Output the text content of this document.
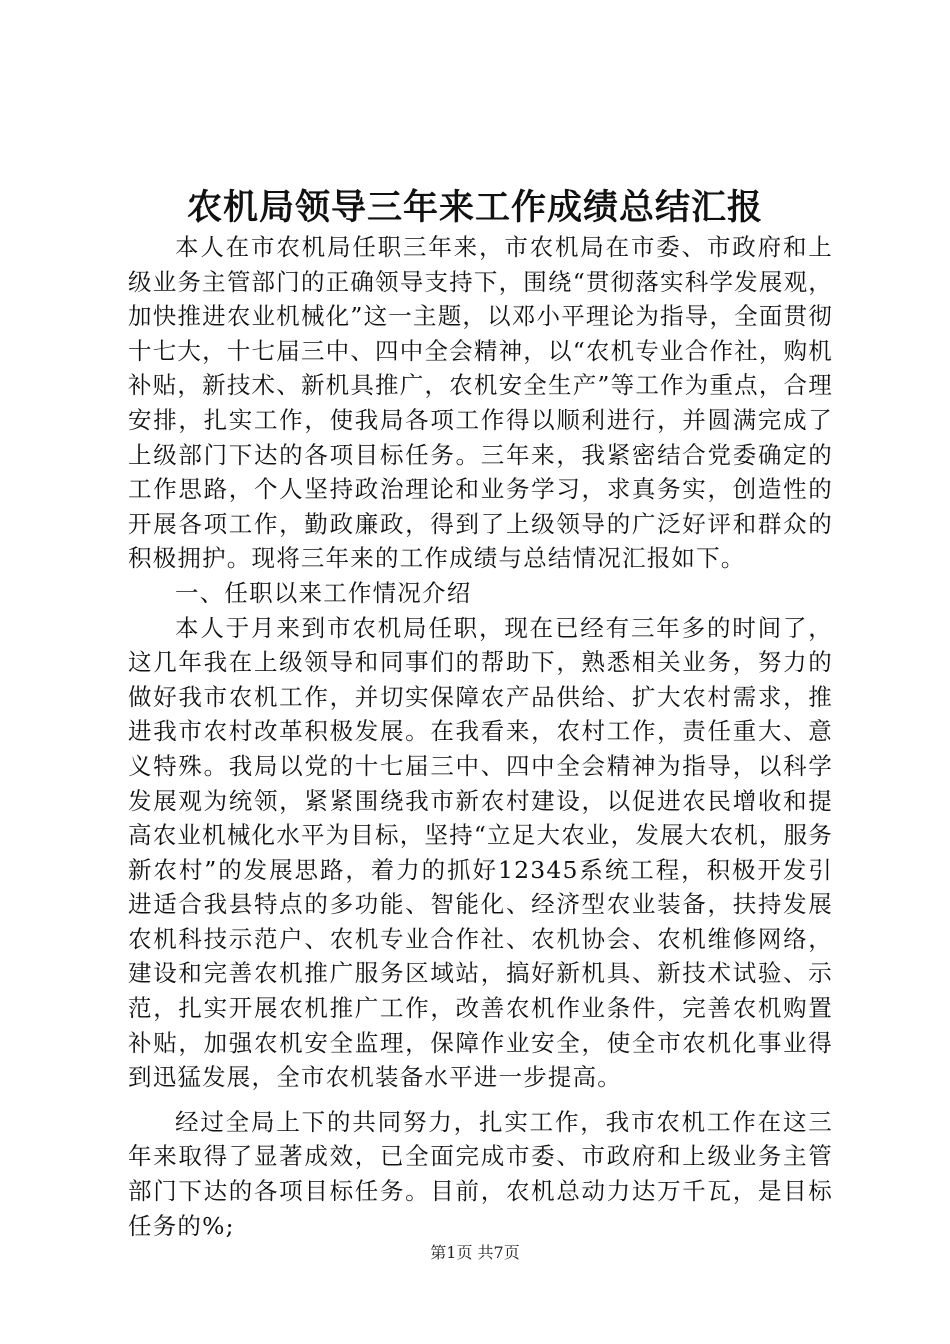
农机局领导三年来工作成绩总结汇报

本人在市农机局任职三年来，市农机局在市委、市政府和上级业务主管部门的正确领导支持下，围绕“贯彻落实科学发展观，加快推进农业机械化”这一主题，以邓小平理论为指导，全面贯彻十七大，十七届三中、四中全会精神，以“农机专业合作社，购机补贴，新技术、新机具推广，农机安全生产”等工作为重点，合理安排，扎实工作，使我局各项工作得以顺利进行，并圆满完成了上级部门下达的各项目标任务。三年来，我紧密结合党委确定的工作思路，个人坚持政治理论和业务学习，求真务实，创造性的开展各项工作，勤政廉政，得到了上级领导的广泛好评和群众的积极拥护。现将三年来的工作成绩与总结情况汇报如下。

一、任职以来工作情况介绍

本人于月来到市农机局任职，现在已经有三年多的时间了，这几年我在上级领导和同事们的帮助下，熟悉相关业务，努力的做好我市农机工作，并切实保障农产品供给、扩大农村需求，推进我市农村改革积极发展。在我看来，农村工作，责任重大、意义特殊。我局以党的十七届三中、四中全会精神为指导，以科学发展观为统领，紧紧围绕我市新农村建设，以促进农民增收和提高农业机械化水平为目标，坚持“立足大农业，发展大农机，服务新农村”的发展思路，着力的抓好12345系统工程，积极开发引进适合我县特点的多功能、智能化、经济型农业装备，扶持发展农机科技示范户、农机专业合作社、农机协会、农机维修网络，建设和完善农机推广服务区域站，搞好新机具、新技术试验、示范，扎实开展农机推广工作，改善农机作业条件，完善农机购置补贴，加强农机安全监理，保障作业安全，使全市农机化事业得到迅猛发展，全市农机装备水平进一步提高。

经过全局上下的共同努力，扎实工作，我市农机工作在这三年来取得了显著成效，已全面完成市委、市政府和上级业务主管部门下达的各项目标任务。目前，农机总动力达万千瓦，是目标任务的%;

第1页 共7页
